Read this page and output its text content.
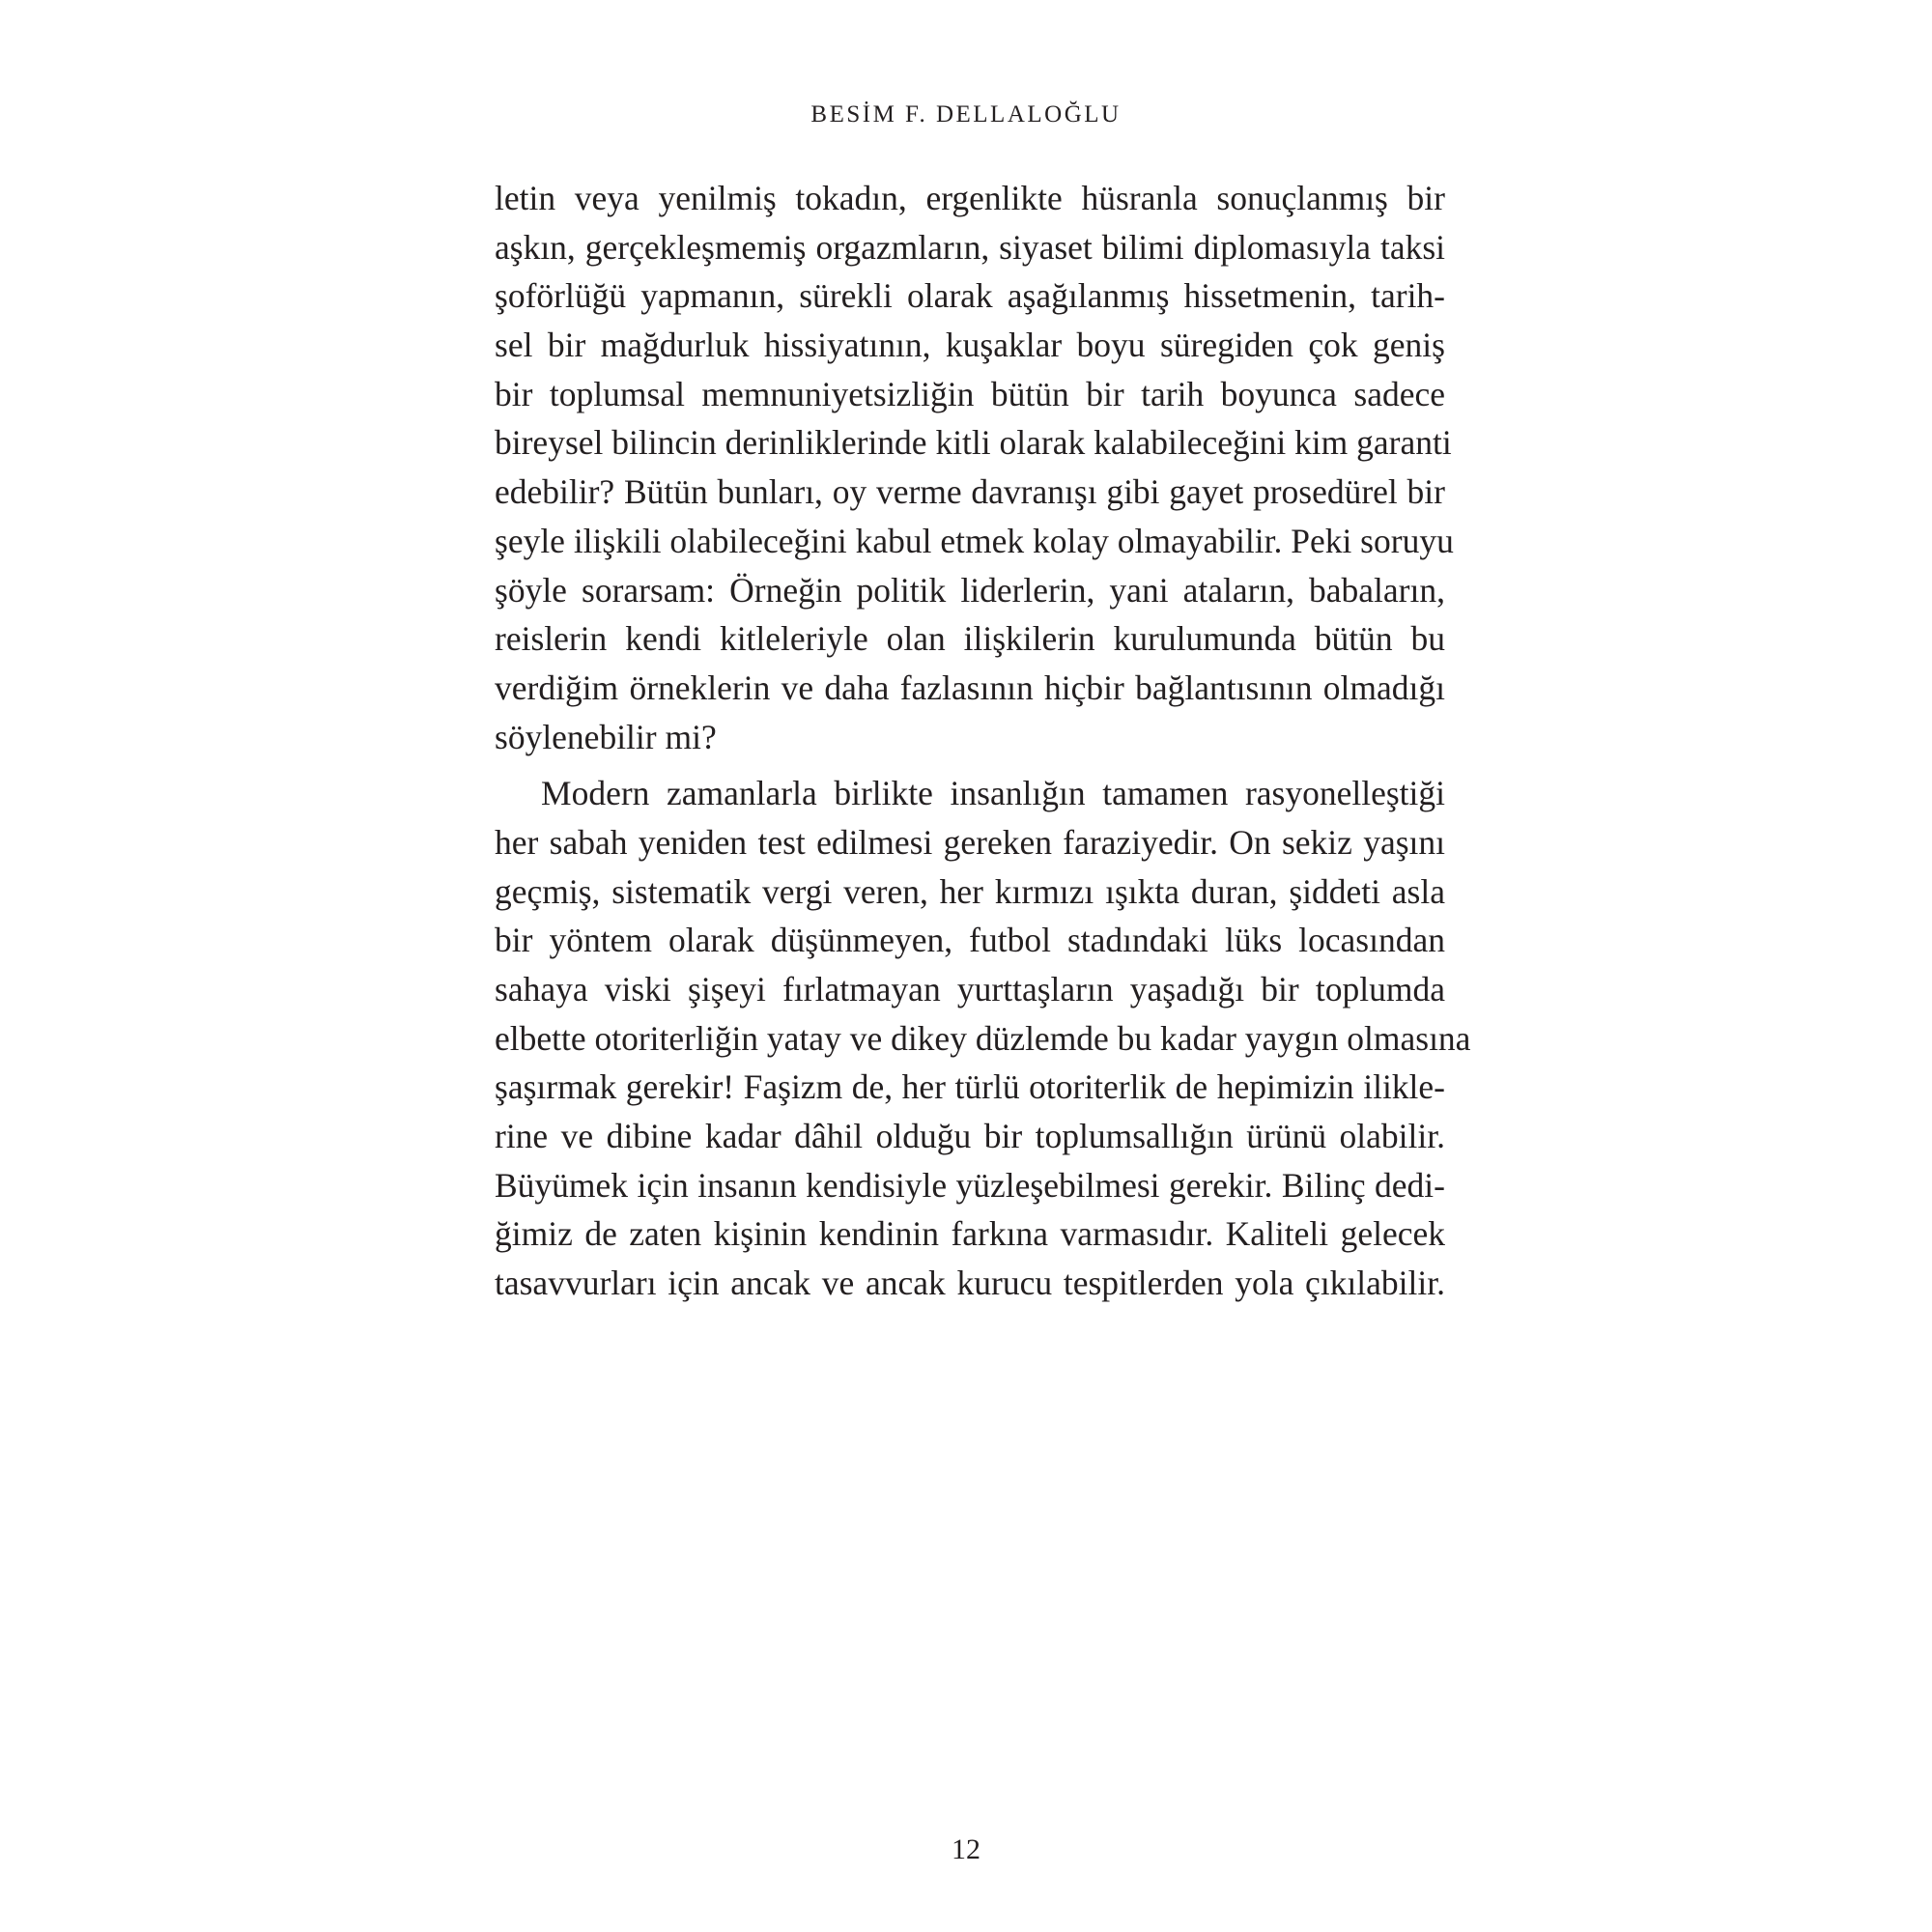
BESİM F. DELLALOĞLU
letin veya yenilmiş tokadın, ergenlikte hüsranla sonuçlanmış bir
aşkın, gerçekleşmemiş orgazmların, siyaset bilimi diplomasıyla taksi
şoförlüğü yapmanın, sürekli olarak aşağılanmış hissetmenin, tarih-
sel bir mağdurluk hissiyatının, kuşaklar boyu süregiden çok geniş
bir toplumsal memnuniyetsizliğin bütün bir tarih boyunca sadece
bireysel bilincin derinliklerinde kitli olarak kalabileceğini kim garanti
edebilir? Bütün bunları, oy verme davranışı gibi gayet prosedürel bir
şeyle ilişkili olabileceğini kabul etmek kolay olmayabilir. Peki soruyu
şöyle sorarsam: Örneğin politik liderlerin, yani ataların, babaların,
reislerin kendi kitleleriyle olan ilişkilerin kurulumunda bütün bu
verdiğim örneklerin ve daha fazlasının hiçbir bağlantısının olmadığı
söylenebilir mi?
Modern zamanlarla birlikte insanlığın tamamen rasyonelleştiği
her sabah yeniden test edilmesi gereken faraziyedir. On sekiz yaşını
geçmiş, sistematik vergi veren, her kırmızı ışıkta duran, şiddeti asla
bir yöntem olarak düşünmeyen, futbol stadındaki lüks locasından
sahaya viski şişeyi fırlatmayan yurttaşların yaşadığı bir toplumda
elbette otoriterliğin yatay ve dikey düzlemde bu kadar yaygın olmasına
şaşırmak gerekir! Faşizm de, her türlü otoriterlik de hepimizin ilikle-
rine ve dibine kadar dâhil olduğu bir toplumsallığın ürünü olabilir.
Büyümek için insanın kendisiyle yüzleşebilmesi gerekir. Bilinç dedi-
ğimiz de zaten kişinin kendinin farkına varmasıdır. Kaliteli gelecek
tasavvurları için ancak ve ancak kurucu tespitlerden yola çıkılabilir.
12
